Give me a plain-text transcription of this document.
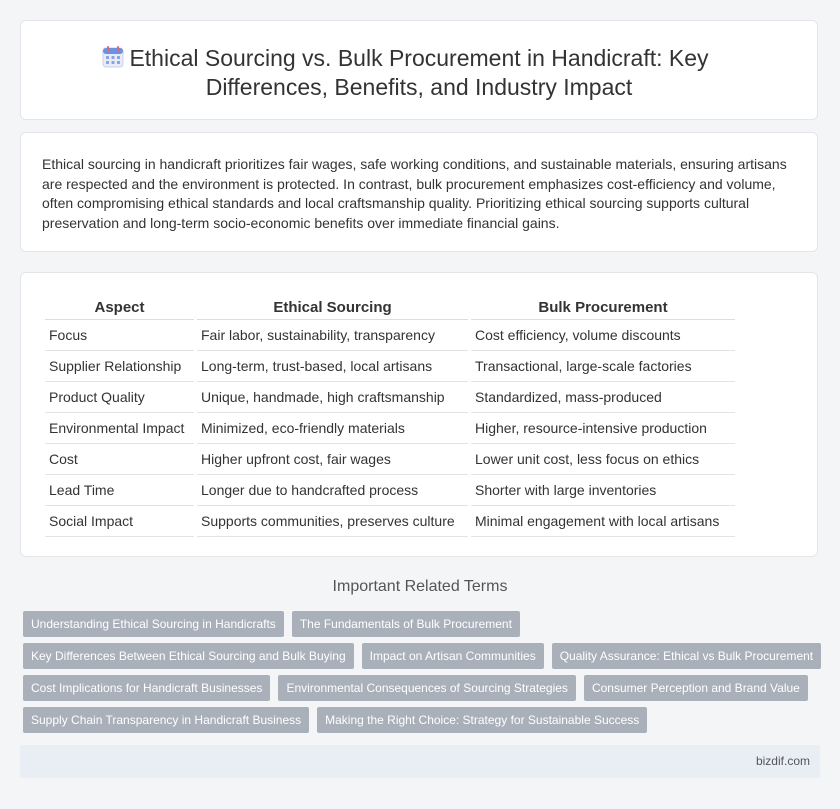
Ethical Sourcing vs. Bulk Procurement in Handicraft: Key Differences, Benefits, and Industry Impact
Ethical sourcing in handicraft prioritizes fair wages, safe working conditions, and sustainable materials, ensuring artisans are respected and the environment is protected. In contrast, bulk procurement emphasizes cost-efficiency and volume, often compromising ethical standards and local craftsmanship quality. Prioritizing ethical sourcing supports cultural preservation and long-term socio-economic benefits over immediate financial gains.
Aspect	Ethical Sourcing	Bulk Procurement
Focus	Fair labor, sustainability, transparency	Cost efficiency, volume discounts
Supplier Relationship	Long-term, trust-based, local artisans	Transactional, large-scale factories
Product Quality	Unique, handmade, high craftsmanship	Standardized, mass-produced
Environmental Impact	Minimized, eco-friendly materials	Higher, resource-intensive production
Cost	Higher upfront cost, fair wages	Lower unit cost, less focus on ethics
Lead Time	Longer due to handcrafted process	Shorter with large inventories
Social Impact	Supports communities, preserves culture	Minimal engagement with local artisans
Important Related Terms
Understanding Ethical Sourcing in Handicrafts	The Fundamentals of Bulk Procurement
Key Differences Between Ethical Sourcing and Bulk Buying	Impact on Artisan Communities	Quality Assurance: Ethical vs Bulk Procurement
Cost Implications for Handicraft Businesses	Environmental Consequences of Sourcing Strategies	Consumer Perception and Brand Value
Supply Chain Transparency in Handicraft Business	Making the Right Choice: Strategy for Sustainable Success
bizdif.com
